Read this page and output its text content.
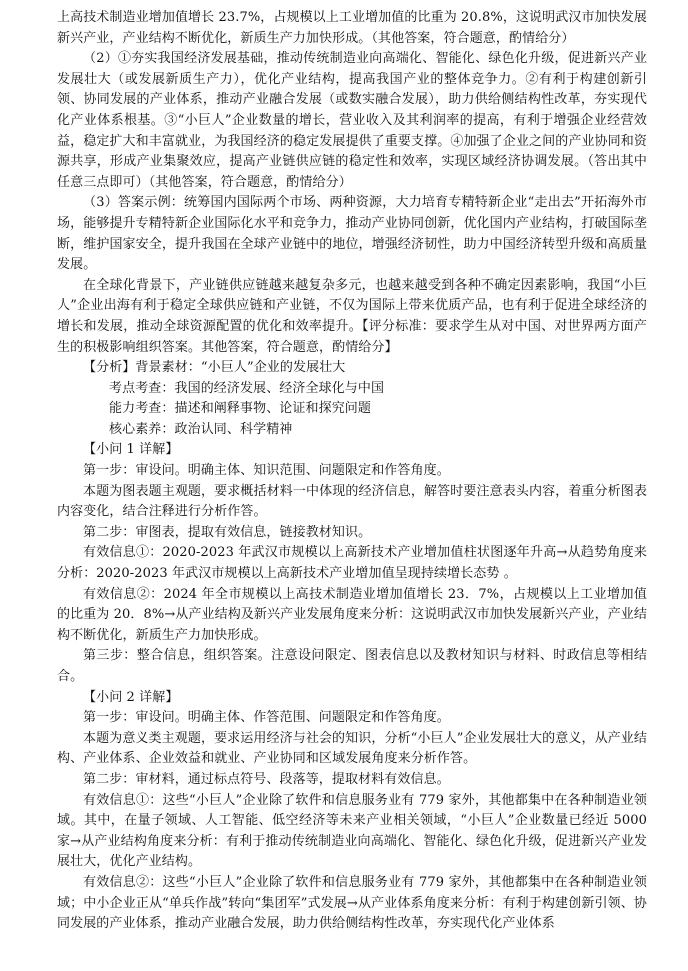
上高技术制造业增加值增长 23.7%，占规模以上工业增加值的比重为 20.8%，这说明武汉市加快发展新兴产业，产业结构不断优化，新质生产力加快形成。（其他答案，符合题意，酌情给分）

（2）①夯实我国经济发展基础，推动传统制造业向高端化、智能化、绿色化升级，促进新兴产业发展壮大（或发展新质生产力），优化产业结构，提高我国产业的整体竞争力。②有利于构建创新引领、协同发展的产业体系，推动产业融合发展（或数实融合发展），助力供给侧结构性改革，夯实现代化产业体系根基。③“小巨人”企业数量的增长，营业收入及其利润率的提高，有利于增强企业经营效益，稳定扩大和丰富就业，为我国经济的稳定发展提供了重要支撑。④加强了企业之间的产业协同和资源共享，形成产业集聚效应，提高产业链供应链的稳定性和效率，实现区域经济协调发展。（答出其中任意三点即可）（其他答案，符合题意，酌情给分）

（3）答案示例：统筹国内国际两个市场、两种资源，大力培育专精特新企业“走出去”开拓海外市场，能够提升专精特新企业国际化水平和竞争力，推动产业协同创新，优化国内产业结构，打破国际垄断，维护国家安全，提升我国在全球产业链中的地位，增强经济韧性，助力中国经济转型升级和高质量发展。

在全球化背景下，产业链供应链越来越复杂多元，也越来越受到各种不确定因素影响，我国“小巨人”企业出海有利于稳定全球供应链和产业链，不仅为国际上带来优质产品，也有利于促进全球经济的增长和发展，推动全球资源配置的优化和效率提升。【评分标准：要求学生从对中国、对世界两方面产生的积极影响组织答案。其他答案，符合题意，酌情给分】

【分析】背景素材：“小巨人”企业的发展壮大

考点考查：我国的经济发展、经济全球化与中国

能力考查：描述和阐释事物、论证和探究问题

核心素养：政治认同、科学精神

【小问 1 详解】

第一步：审设问。明确主体、知识范围、问题限定和作答角度。

本题为图表题主观题，要求概括材料一中体现的经济信息，解答时要注意表头内容，着重分析图表内容变化，结合注释进行分析作答。

第二步：审图表，提取有效信息，链接教材知识。

有效信息①：2020-2023 年武汉市规模以上高新技术产业增加值柱状图逐年升高→从趋势角度来分析：2020-2023 年武汉市规模以上高新技术产业增加值呈现持续增长态势 。

有效信息②：2024 年全市规模以上高技术制造业增加值增长 23．7%，占规模以上工业增加值的比重为 20．8%→从产业结构及新兴产业发展角度来分析：这说明武汉市加快发展新兴产业，产业结构不断优化，新质生产力加快形成。

第三步：整合信息，组织答案。注意设问限定、图表信息以及教材知识与材料、时政信息等相结合。

【小问 2 详解】

第一步：审设问。明确主体、作答范围、问题限定和作答角度。

本题为意义类主观题，要求运用经济与社会的知识，分析“小巨人”企业发展壮大的意义，从产业结构、产业体系、企业效益和就业、产业协同和区域发展角度来分析作答。

第二步：审材料，通过标点符号、段落等，提取材料有效信息。

有效信息①：这些“小巨人”企业除了软件和信息服务业有 779 家外，其他都集中在各种制造业领域。其中，在量子领域、人工智能、低空经济等未来产业相关领域，“小巨人”企业数量已经近 5000 家→从产业结构角度来分析：有利于推动传统制造业向高端化、智能化、绿色化升级，促进新兴产业发展壮大，优化产业结构。

有效信息②：这些“小巨人”企业除了软件和信息服务业有 779 家外，其他都集中在各种制造业领域；中小企业正从“单兵作战”转向“集团军”式发展→从产业体系角度来分析：有利于构建创新引领、协同发展的产业体系，推动产业融合发展，助力供给侧结构性改革，夯实现代化产业体系
